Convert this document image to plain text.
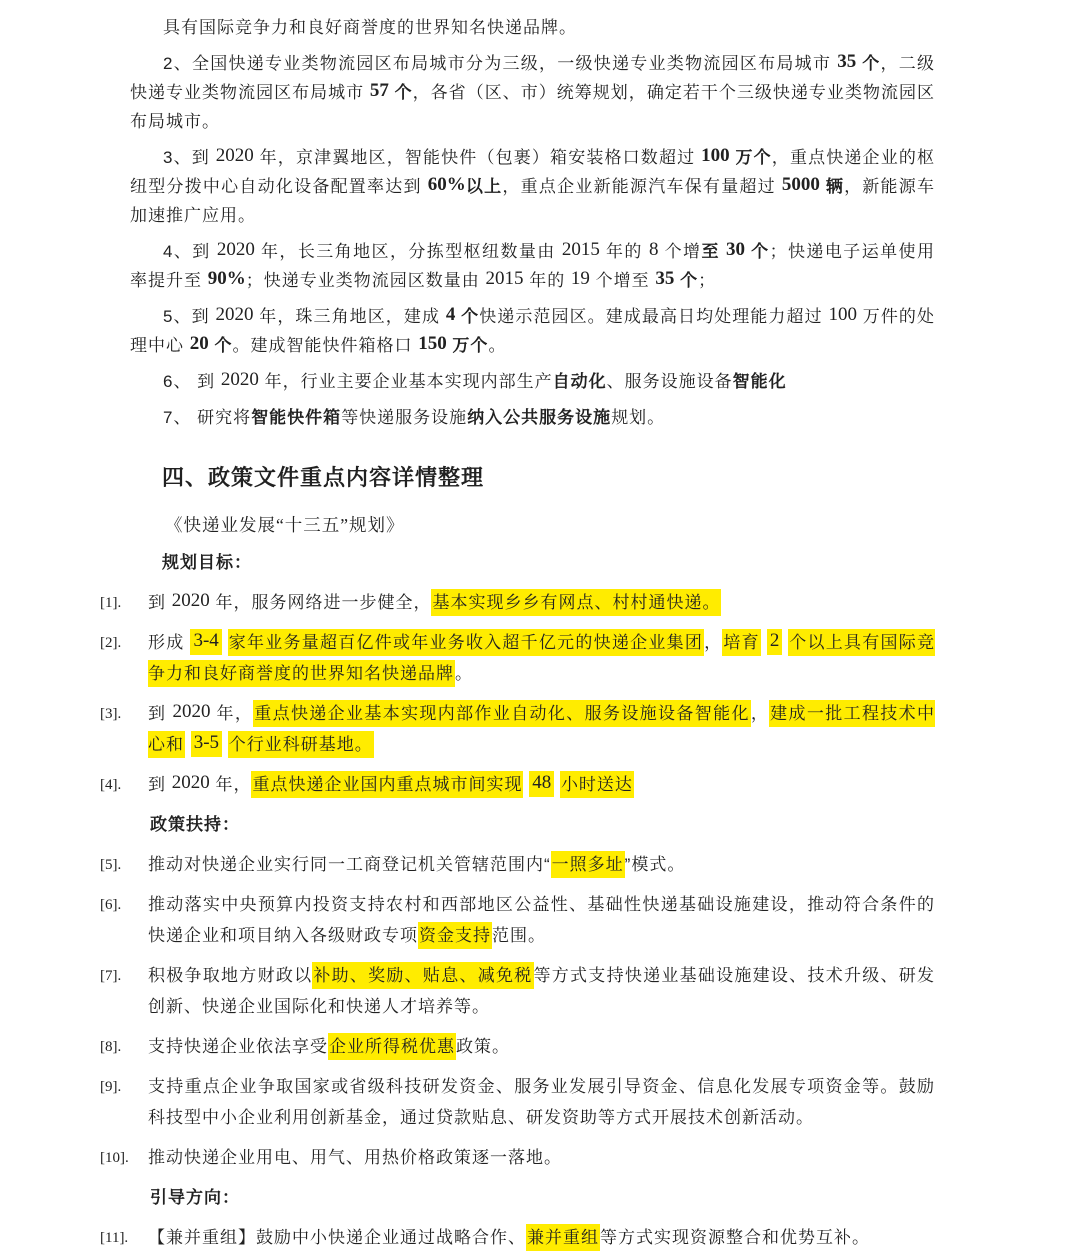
具有国际竞争力和良好商誉度的世界知名快递品牌。
2、全国快递专业类物流园区布局城市分为三级，一级快递专业类物流园区布局城市 35 个，二级快递专业类物流园区布局城市 57 个，各省（区、市）统筹规划，确定若干个三级快递专业类物流园区布局城市。
3、到 2020 年，京津翼地区，智能快件（包裹）箱安装格口数超过 100 万个，重点快递企业的枢纽型分拨中心自动化设备配置率达到 60%以上，重点企业新能源汽车保有量超过 5000 辆，新能源车加速推广应用。
4、到 2020 年，长三角地区，分拣型枢纽数量由 2015 年的 8 个增至 30 个；快递电子运单使用率提升至 90%；快递专业类物流园区数量由 2015 年的 19 个增至 35 个；
5、到 2020 年，珠三角地区，建成 4 个快递示范园区。建成最高日均处理能力超过 100 万件的处理中心 20 个。建成智能快件箱格口 150 万个。
6、 到 2020 年，行业主要企业基本实现内部生产自动化、服务设施设备智能化
7、 研究将智能快件箱等快递服务设施纳入公共服务设施规划。
四、政策文件重点内容详情整理
《快递业发展“十三五”规划》
规划目标：
[1]. 到 2020 年，服务网络进一步健全，基本实现乡乡有网点、村村通快递。
[2]. 形成 3-4 家年业务量超百亿件或年业务收入超千亿元的快递企业集团，培育 2 个以上具有国际竞争力和良好商誉度的世界知名快递品牌。
[3]. 到 2020 年，重点快递企业基本实现内部作业自动化、服务设施设备智能化，建成一批工程技术中心和 3-5 个行业科研基地。
[4]. 到 2020 年，重点快递企业国内重点城市间实现 48 小时送达
政策扶持：
[5]. 推动对快递企业实行同一工商登记机关管辖范围内“一照多址”模式。
[6]. 推动落实中央预算内投资支持农村和西部地区公益性、基础性快递基础设施建设，推动符合条件的快递企业和项目纳入各级财政专项资金支持范围。
[7]. 积极争取地方财政以补助、奖励、贴息、减免税等方式支持快递业基础设施建设、技术升级、研发创新、快递企业国际化和快递人才培养等。
[8]. 支持快递企业依法享受企业所得税优惠政策。
[9]. 支持重点企业争取国家或省级科技研发资金、服务业发展引导资金、信息化发展专项资金等。鼓励科技型中小企业利用创新基金，通过贷款贴息、研发资助等方式开展技术创新活动。
[10]. 推动快递企业用电、用气、用热价格政策逐一落地。
引导方向：
[11]. 【兼并重组】鼓励中小快递企业通过战略合作、兼并重组等方式实现资源整合和优势互补。
